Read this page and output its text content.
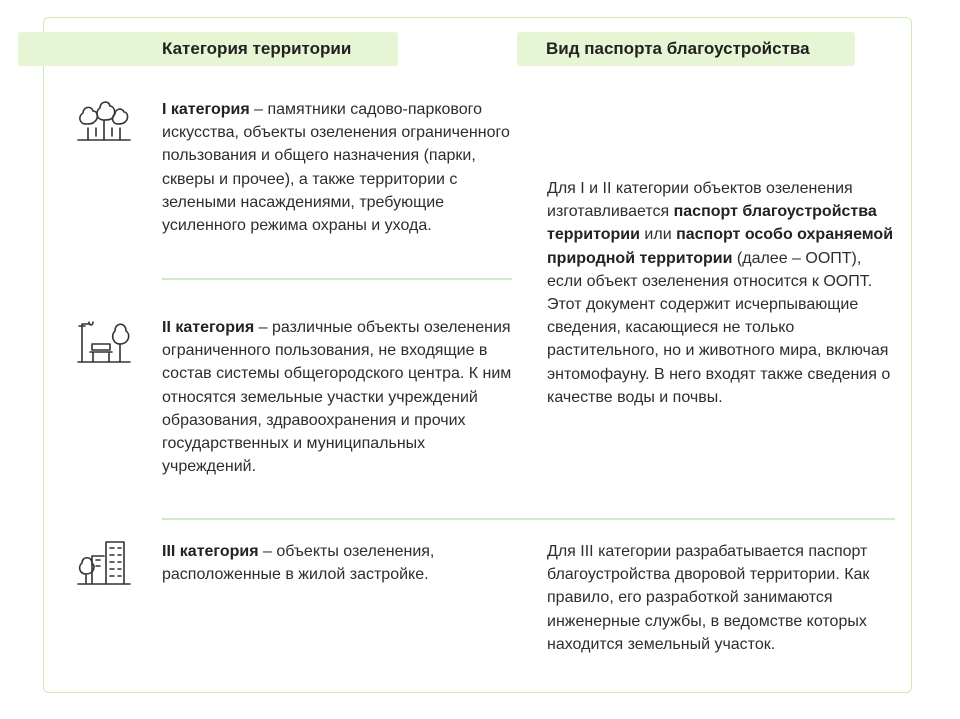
Категория территории	Вид паспорта благоустройства
I категория – памятники садово-паркового искусства, объекты озеленения ограниченного пользования и общего назначения (парки, скверы и прочее), а также территории с зелеными насаждениями, требующие усиленного режима охраны и ухода.
II категория – различные объекты озеленения ограниченного пользования, не входящие в состав системы общегородского центра. К ним относятся земельные участки учреждений образования, здравоохранения и прочих государственных и муниципальных учреждений.
III категория – объекты озеленения, расположенные в жилой застройке.
Для I и II категории объектов озеленения изготавливается паспорт благоустройства территории или паспорт особо охраняемой природной территории (далее – ООПТ), если объект озеленения относится к ООПТ. Этот документ содержит исчерпывающие сведения, касающиеся не только растительного, но и животного мира, включая энтомофауну. В него входят также сведения о качестве воды и почвы.
Для III категории разрабатывается паспорт благоустройства дворовой территории. Как правило, его разработкой занимаются инженерные службы, в ведомстве которых находится земельный участок.
